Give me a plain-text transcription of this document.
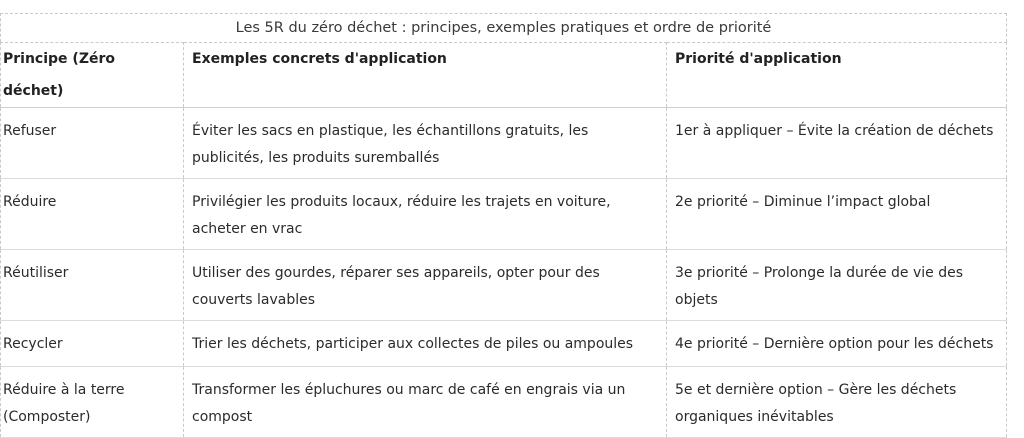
Les 5R du zéro déchet : principes, exemples pratiques et ordre de priorité
Principe (Zéro déchet)	Exemples concrets d'application	Priorité d'application
Refuser	Éviter les sacs en plastique, les échantillons gratuits, les publicités, les produits suremballés	1er à appliquer – Évite la création de déchets
Réduire	Privilégier les produits locaux, réduire les trajets en voiture, acheter en vrac	2e priorité – Diminue l’impact global
Réutiliser	Utiliser des gourdes, réparer ses appareils, opter pour des couverts lavables	3e priorité – Prolonge la durée de vie des objets
Recycler	Trier les déchets, participer aux collectes de piles ou ampoules	4e priorité – Dernière option pour les déchets
Réduire à la terre (Composter)	Transformer les épluchures ou marc de café en engrais via un compost	5e et dernière option – Gère les déchets organiques inévitables
